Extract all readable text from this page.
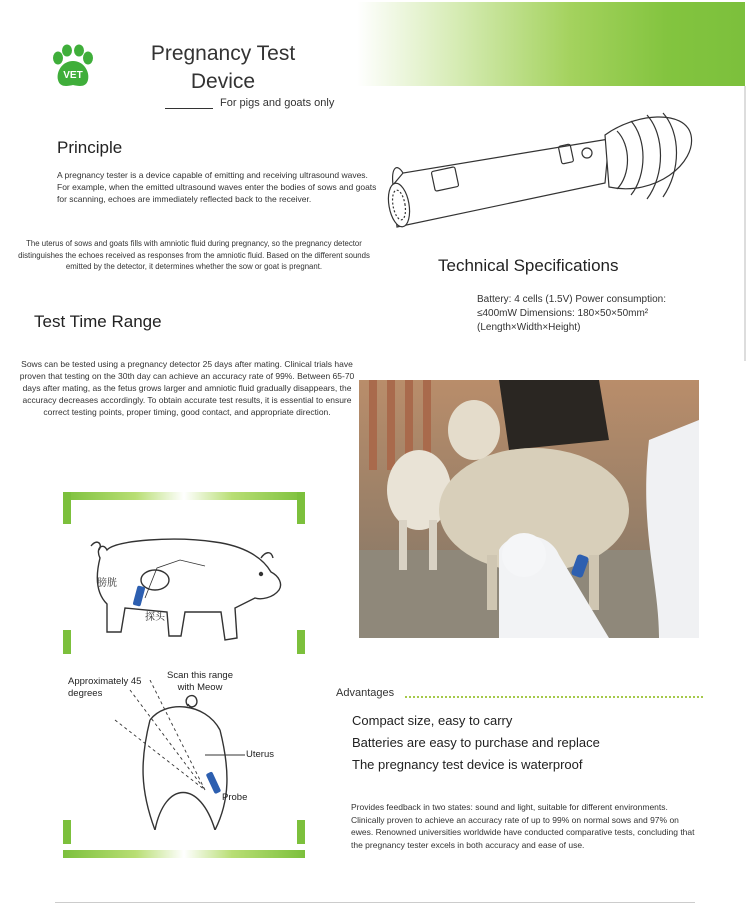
VET
Pregnancy Test
Device
For pigs and goats only
Principle
A pregnancy tester is a device capable of emitting and receiving ultrasound waves. For example, when the emitted ultrasound waves enter the bodies of sows and goats for scanning, echoes are immediately reflected back to the receiver.
The uterus of sows and goats fills with amniotic fluid during pregnancy, so the pregnancy detector distinguishes the echoes received as responses from the amniotic fluid. Based on the different sounds emitted by the detector, it determines whether the sow or goat is pregnant.	Technical Specifications
Battery: 4 cells (1.5V) Power consumption: ≤400mW Dimensions: 180×50×50mm² (Length×Width×Height)
Test Time Range
Sows can be tested using a pregnancy detector 25 days after mating. Clinical trials have proven that testing on the 30th day can achieve an accuracy rate of 99%. Between 65-70 days after mating, as the fetus grows larger and amniotic fluid gradually disappears, the accuracy decreases accordingly. To obtain accurate test results, it is essential to ensure correct testing points, proper timing, good contact, and appropriate direction.
膀胱
探头
Approximately 45 degrees
Scan this range with Meow
Uterus
Probe
Advantages

Compact size, easy to carry

Batteries are easy to purchase and replace

The pregnancy test device is waterproof

Provides feedback in two states: sound and light, suitable for different environments. Clinically proven to achieve an accuracy rate of up to 99% on normal sows and 97% on ewes. Renowned universities worldwide have conducted comparative tests, concluding that the pregnancy tester excels in both accuracy and ease of use.
